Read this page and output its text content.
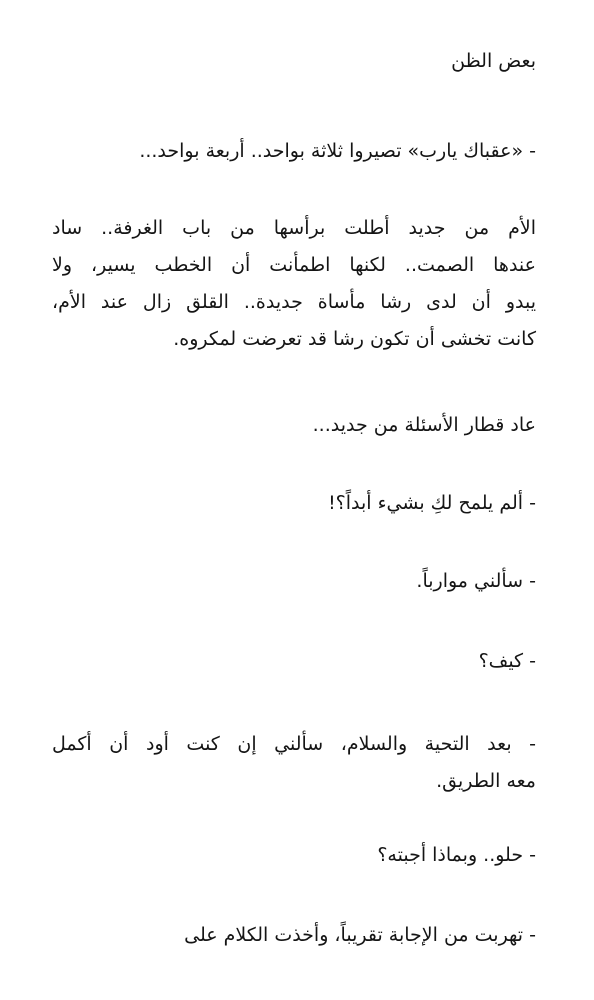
بعض الظن
- «عقباك يارب» تصيروا ثلاثة بواحد.. أربعة بواحد...
الأم من جديد أطلت برأسها من باب الغرفة.. ساد
عندها الصمت.. لكنها اطمأنت أن الخطب يسير، ولا
يبدو أن لدى رشا مأساة جديدة.. القلق زال عند الأم،
كانت تخشى أن تكون رشا قد تعرضت لمكروه.
عاد قطار الأسئلة من جديد...
- ألم يلمح لكِ بشيء أبداً؟!
- سألني موارباً.
- كيف؟
- بعد التحية والسلام، سألني إن كنت أود أن أكمل
معه الطريق.
- حلو.. وبماذا أجبته؟
- تهربت من الإجابة تقريباً، وأخذت الكلام على
